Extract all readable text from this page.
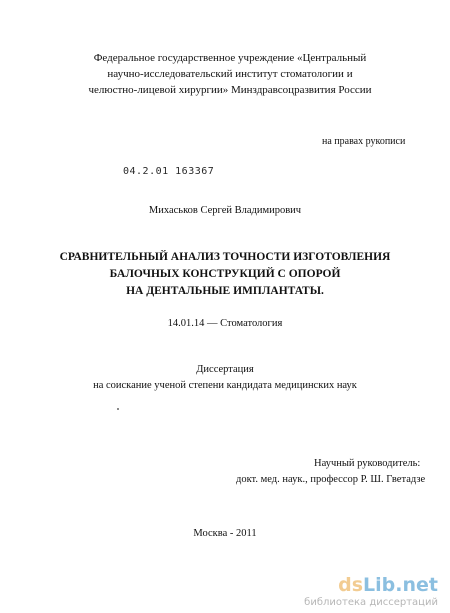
Федеральное государственное учреждение «Центральный
научно-исследовательский институт стоматологии и
челюстно-лицевой хирургии» Минздравсоцразвития России
на правах рукописи
04.2.01 163367
Михаськов Сергей Владимирович
СРАВНИТЕЛЬНЫЙ АНАЛИЗ ТОЧНОСТИ ИЗГОТОВЛЕНИЯ
БАЛОЧНЫХ КОНСТРУКЦИЙ С ОПОРОЙ
НА ДЕНТАЛЬНЫЕ ИМПЛАНТАТЫ.
14.01.14 — Стоматология
Диссертация
на соискание ученой степени кандидата медицинских наук
Научный руководитель:
докт. мед. наук., профессор Р. Ш. Гветадзе
Москва - 2011
dsLib.net
библиотека диссертаций
